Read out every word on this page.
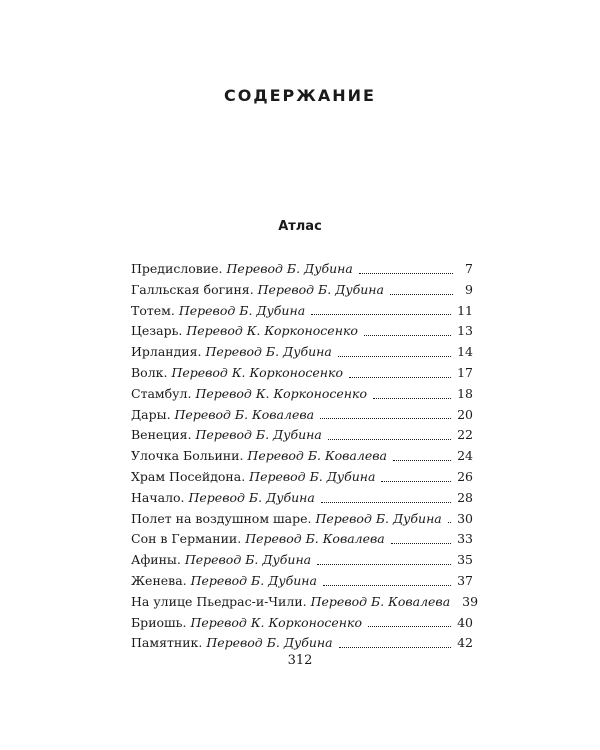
СОДЕРЖАНИЕ
Атлас
Предисловие. Перевод Б. Дубина	7
Галльская богиня. Перевод Б. Дубина	9
Тотем. Перевод Б. Дубина	11
Цезарь. Перевод К. Корконосенко	13
Ирландия. Перевод Б. Дубина	14
Волк. Перевод К. Корконосенко	17
Стамбул. Перевод К. Корконосенко	18
Дары. Перевод Б. Ковалева	20
Венеция. Перевод Б. Дубина	22
Улочка Больини. Перевод Б. Ковалева	24
Храм Посейдона. Перевод Б. Дубина	26
Начало. Перевод Б. Дубина	28
Полет на воздушном шаре. Перевод Б. Дубина 30
Сон в Германии. Перевод Б. Ковалева	33
Афины. Перевод Б. Дубина	35
Женева. Перевод Б. Дубина	37
На улице Пьедрас-и-Чили. Перевод Б. Ковалева 39
Бриошь. Перевод К. Корконосенко	40
Памятник. Перевод Б. Дубина	42
312
